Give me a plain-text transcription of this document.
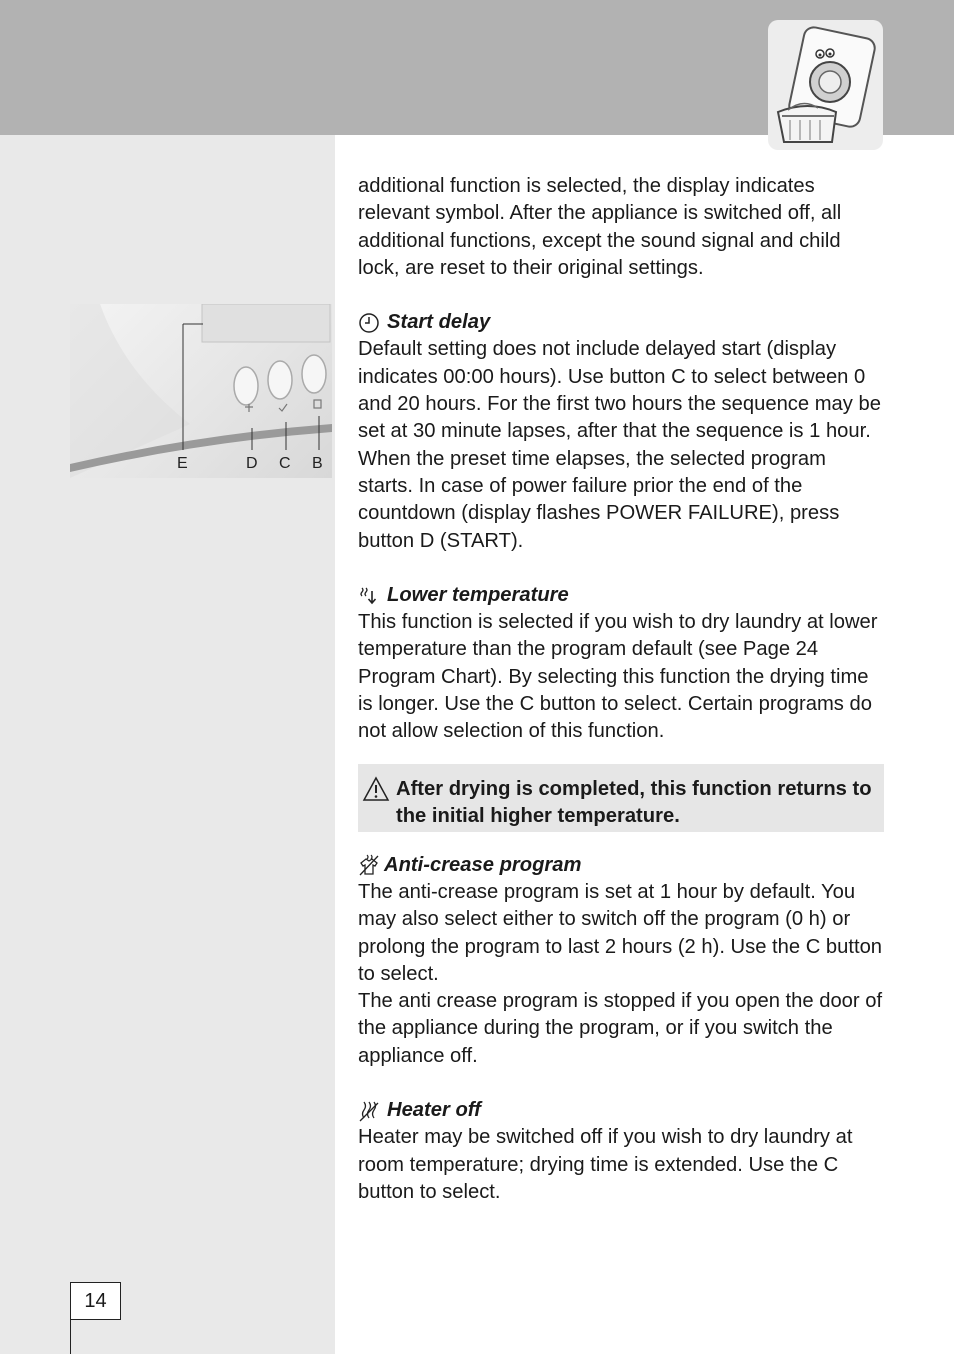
E	D C B

additional function is selected, the display indicates relevant symbol. After the appliance is switched off, all additional functions, except the sound signal and child lock, are reset to their original settings.

Start delay

Default setting does not include delayed start (display indicates 00:00 hours). Use button C to select between 0 and 20 hours. For the first two hours the sequence may be set at 30 minute lapses, after that the sequence is 1 hour. When the preset time elapses, the selected program starts. In case of power failure prior the end of the countdown (display flashes POWER FAILURE), press button D (START).

Lower temperature

This function is selected if you wish to dry laundry at lower temperature than the program default (see Page 24 Program Chart). By selecting this function the drying time is longer. Use the C button to select. Certain programs do not allow selection of this function.

After drying is completed, this function returns to the initial higher temperature.
Anti-crease program

The anti-crease program is set at 1 hour by default. You may also select either to switch off the program (0 h) or prolong the program to last 2 hours (2 h). Use the C button to select.

The anti crease program is stopped if you open the door of the appliance during the program, or if you switch the appliance off.

Heater off

Heater may be switched off if you wish to dry laundry at room temperature; drying time is extended. Use the C button to select.

14
